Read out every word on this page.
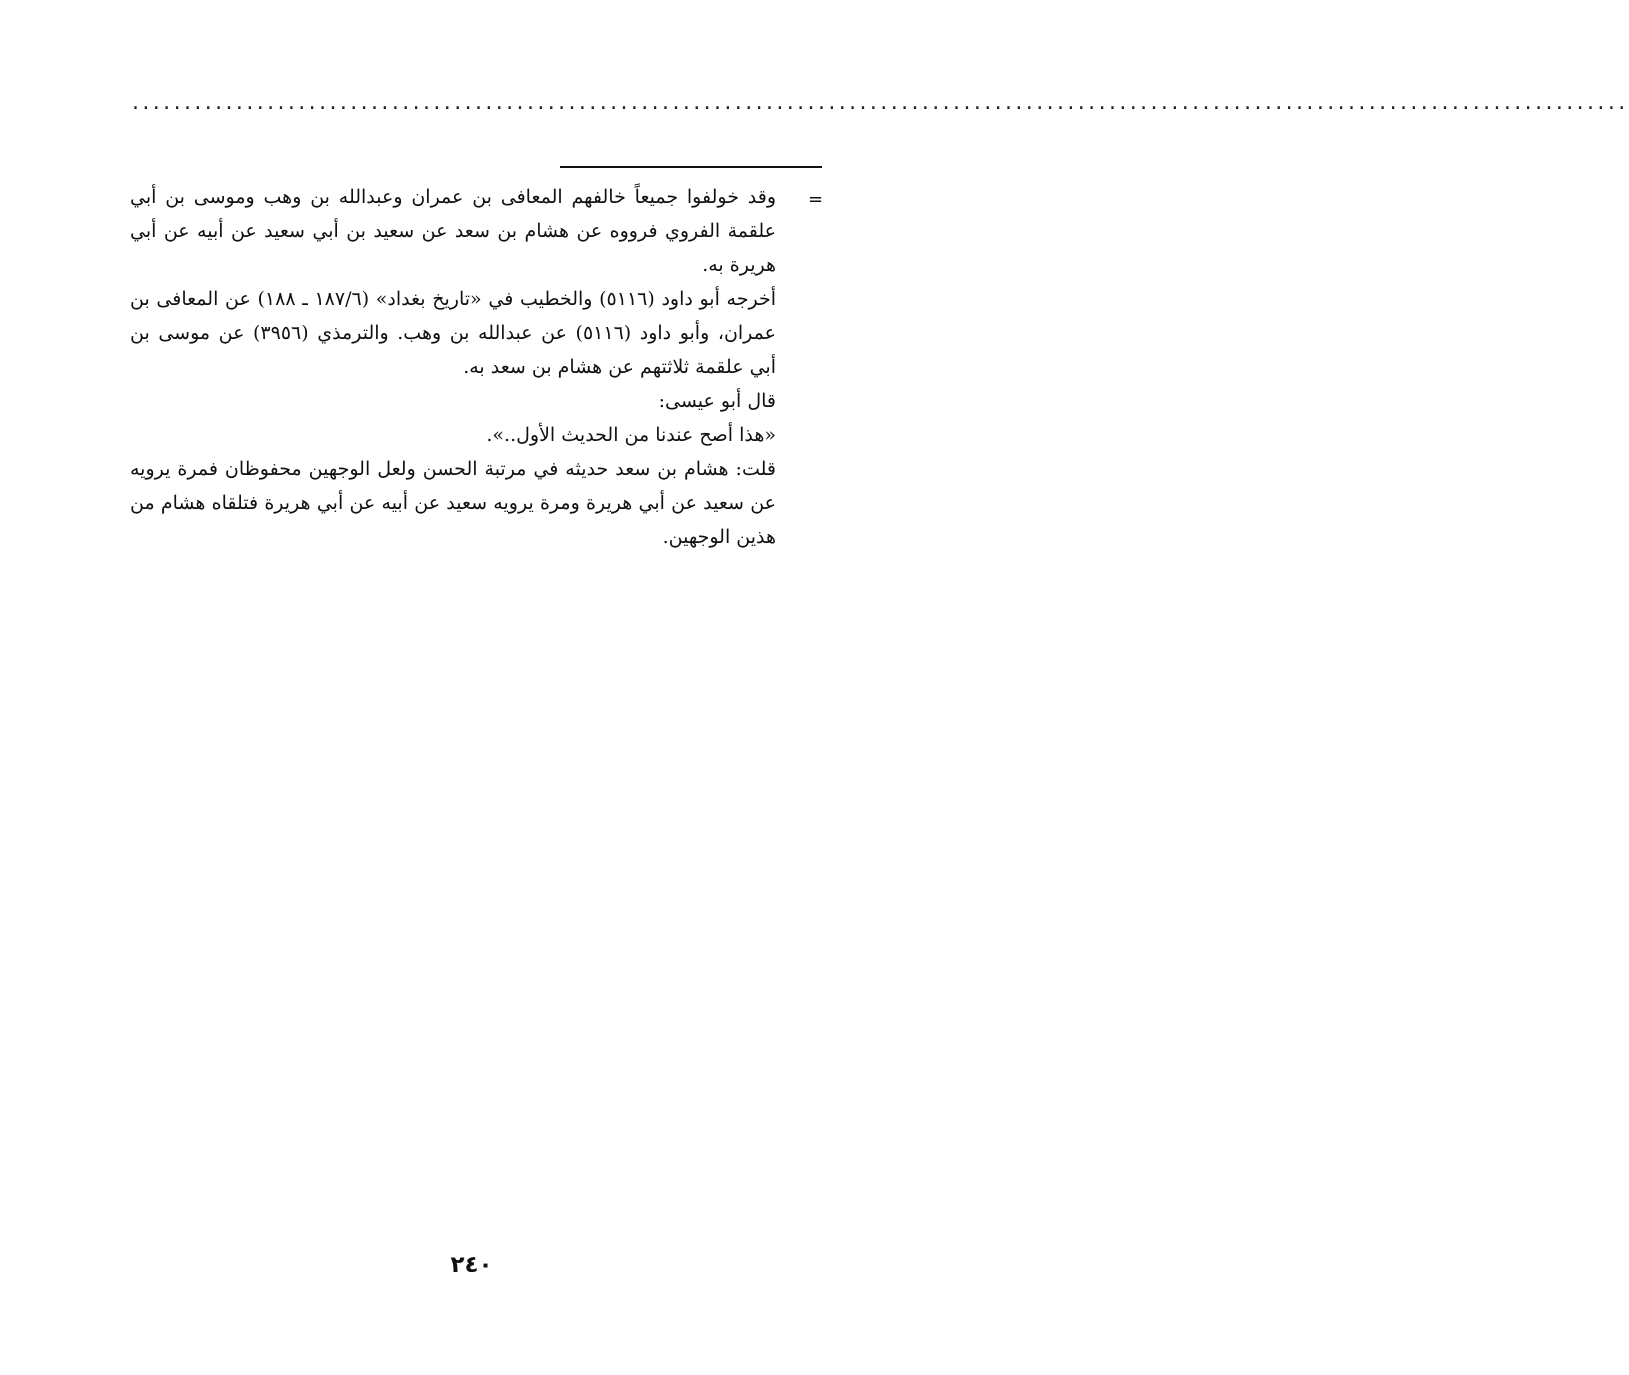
................................................................................................................................................
=

وقد خولفوا جميعاً خالفهم المعافى بن عمران وعبدالله بن وهب وموسى بن أبي علقمة الفروي فرووه عن هشام بن سعد عن سعيد بن أبي سعيد عن أبيه عن أبي هريرة به.

أخرجه أبو داود (٥١١٦) والخطيب في «تاريخ بغداد» (١٨٧/٦ ـ ١٨٨) عن المعافى بن عمران، وأبو داود (٥١١٦) عن عبدالله بن وهب. والترمذي (٣٩٥٦) عن موسى بن أبي علقمة ثلاثتهم عن هشام بن سعد به.

قال أبو عيسى:

«هذا أصح عندنا من الحديث الأول..».

قلت: هشام بن سعد حديثه في مرتبة الحسن ولعل الوجهين محفوظان فمرة يرويه عن سعيد عن أبي هريرة ومرة يرويه سعيد عن أبيه عن أبي هريرة فتلقاه هشام من هذين الوجهين.

٢٤٠
